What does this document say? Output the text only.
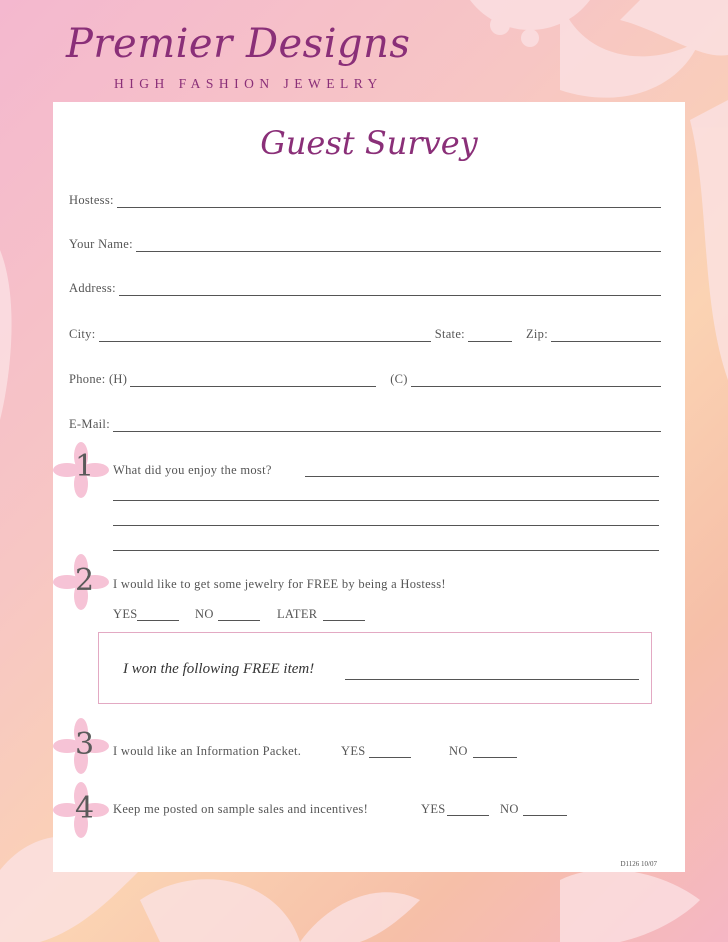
Premier Designs
HIGH FASHION JEWELRY
Guest Survey
Hostess:
Your Name:
Address:
City:	State:	Zip:
Phone: (H)	(C)
E-Mail:
1 What did you enjoy the most?
2 I would like to get some jewelry for FREE by being a Hostess!
YES	NO	LATER
I won the following FREE item!
3 I would like an Information Packet.	YES	NO
4 Keep me posted on sample sales and incentives!	YES	NO
D1126 10/07
